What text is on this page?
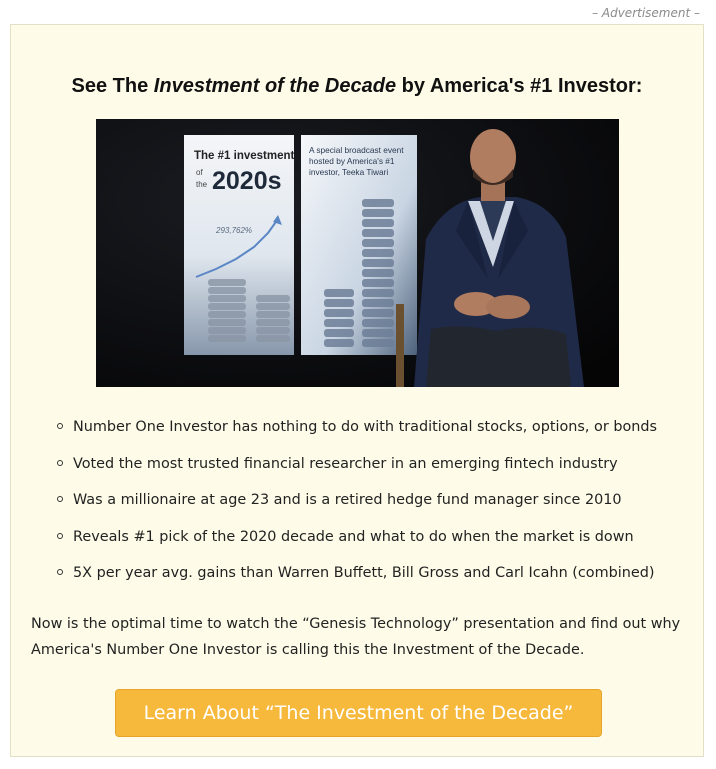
– Advertisement –
See The Investment of the Decade by America's #1 Investor:
The #1 investment
of
the 2020s
293,762%
A special broadcast event
hosted by America's #1
investor, Teeka Tiwari
Number One Investor has nothing to do with traditional stocks, options, or bonds
Voted the most trusted financial researcher in an emerging fintech industry
Was a millionaire at age 23 and is a retired hedge fund manager since 2010
Reveals #1 pick of the 2020 decade and what to do when the market is down
5X per year avg. gains than Warren Buffett, Bill Gross and Carl Icahn (combined)

Now is the optimal time to watch the “Genesis Technology” presentation and find out why America's Number One Investor is calling this the Investment of the Decade.

Learn About “The Investment of the Decade”
